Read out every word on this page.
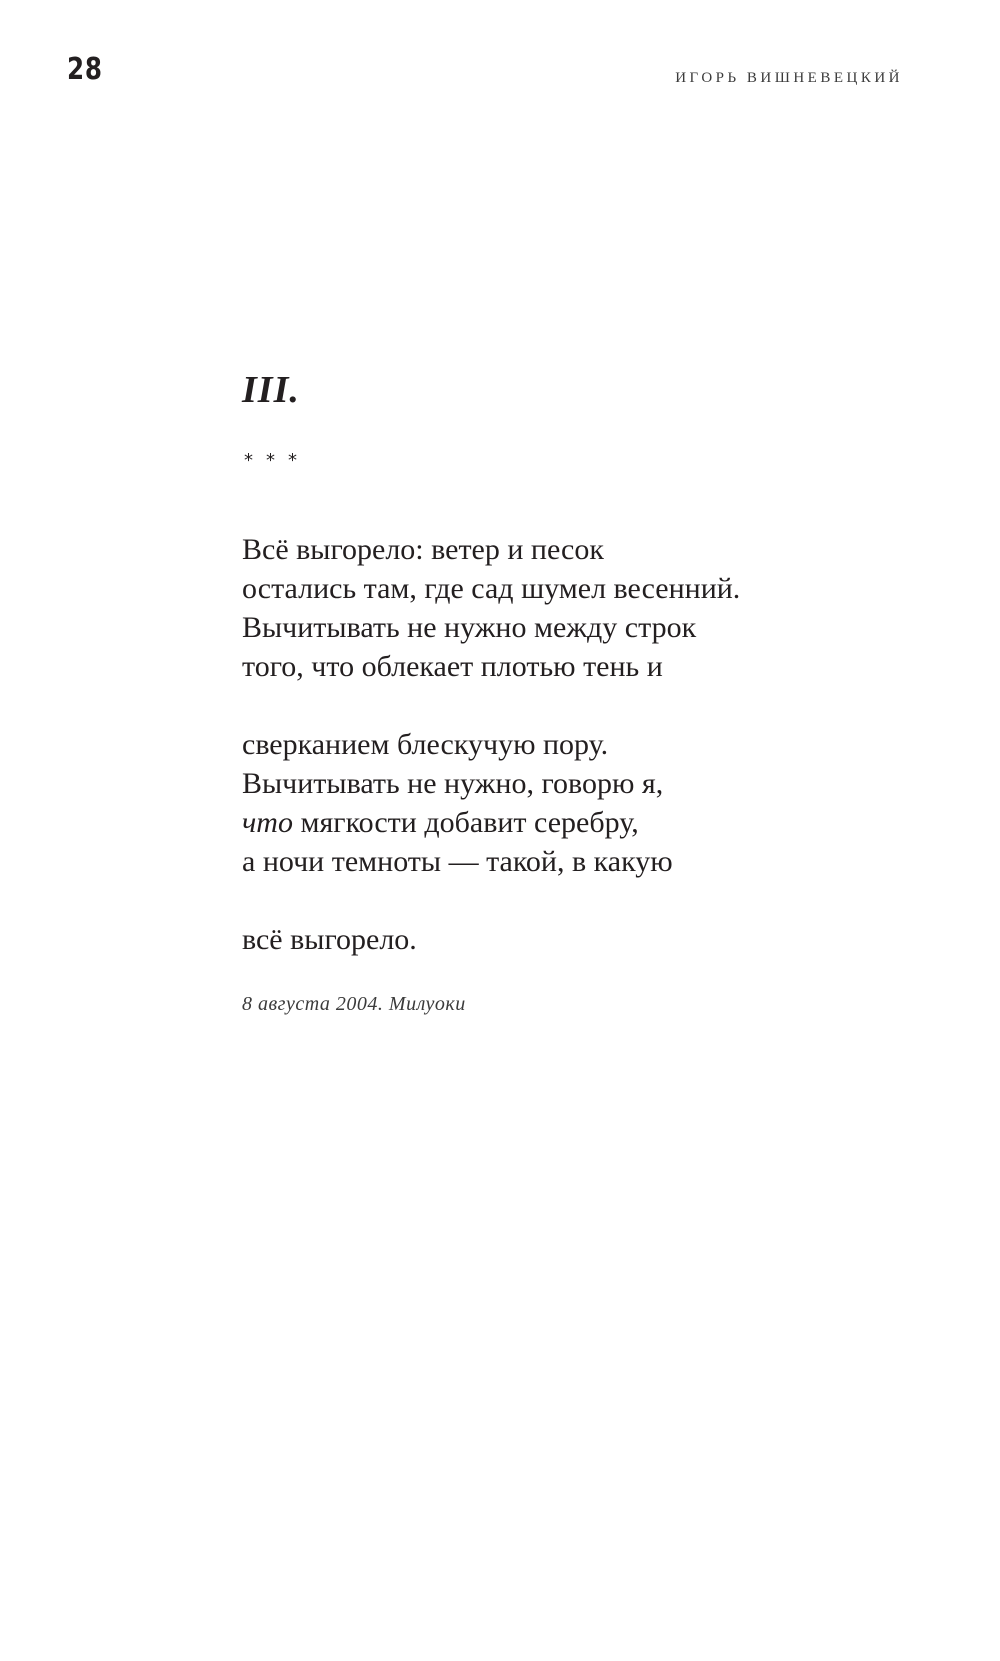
28	ИГОРЬ ВИШНЕВЕЦКИЙ
III.
***
Всё выгорело: ветер и песок
остались там, где сад шумел весенний.
Вычитывать не нужно между строк
того, что облекает плотью тень и
сверканием блескучую пору.
Вычитывать не нужно, говорю я,
что мягкости добавит серебру,
а ночи темноты — такой, в какую
всё выгорело.
8 августа 2004. Милуоки
